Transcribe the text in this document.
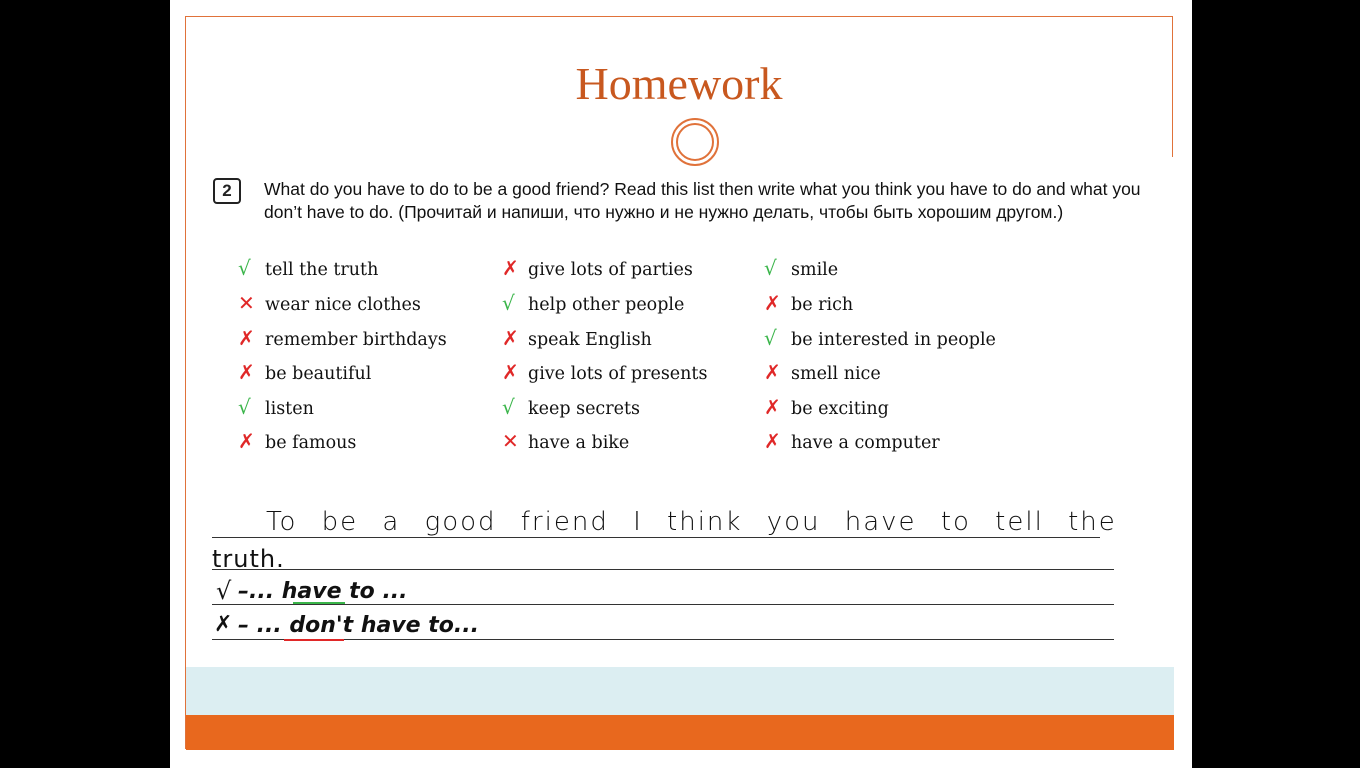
Homework
2	What do you have to do to be a good friend? Read this list then write what you think you have to do and what you don’t have to do. (Прочитай и напиши, что нужно и не нужно делать, чтобы быть хорошим другом.)
√ tell the truth	✗ give lots of parties	√ smile
✕ wear nice clothes	√ help other people	✗ be rich
✗ remember birthdays	✗ speak English	√ be interested in people
✗ be beautiful	✗ give lots of presents	✗ smell nice
√ listen	√ keep secrets	✗ be exciting
✗ be famous	✕ have a bike	✗ have a computer
To be a good friend I think you have to tell the
truth.
√ –... have to ...
✗ – ... don't have to...
